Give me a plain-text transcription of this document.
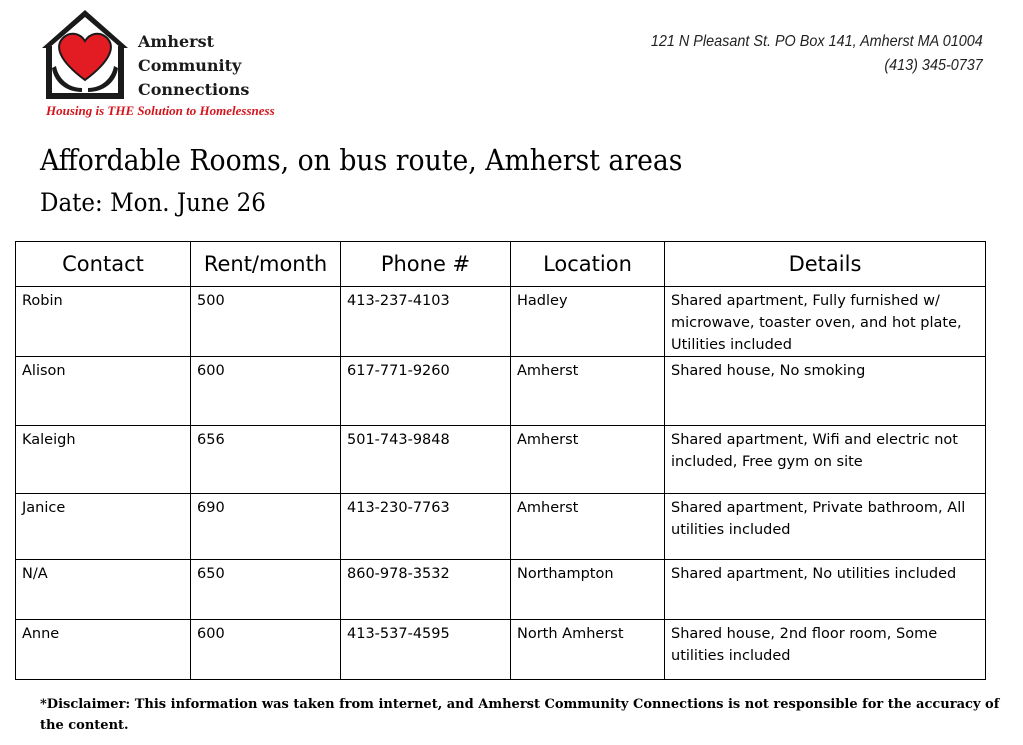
Amherst
Community
Connections
Housing is THE Solution to Homelessness
121 N Pleasant St. PO Box 141, Amherst MA 01004
(413) 345-0737
Affordable Rooms, on bus route, Amherst areas
Date: Mon. June 26
Contact	Rent/month	Phone #	Location	Details
Robin	500	413-237-4103	Hadley	Shared apartment, Fully furnished w/ microwave, toaster oven, and hot plate, Utilities included
Alison	600	617-771-9260	Amherst	Shared house, No smoking
Kaleigh	656	501-743-9848	Amherst	Shared apartment, Wifi and electric not included, Free gym on site
Janice	690	413-230-7763	Amherst	Shared apartment, Private bathroom, All utilities included
N/A	650	860-978-3532	Northampton	Shared apartment, No utilities included
Anne	600	413-537-4595	North Amherst	Shared house, 2nd floor room, Some utilities included
*Disclaimer: This information was taken from internet, and Amherst Community Connections is not responsible for the accuracy of the content.
